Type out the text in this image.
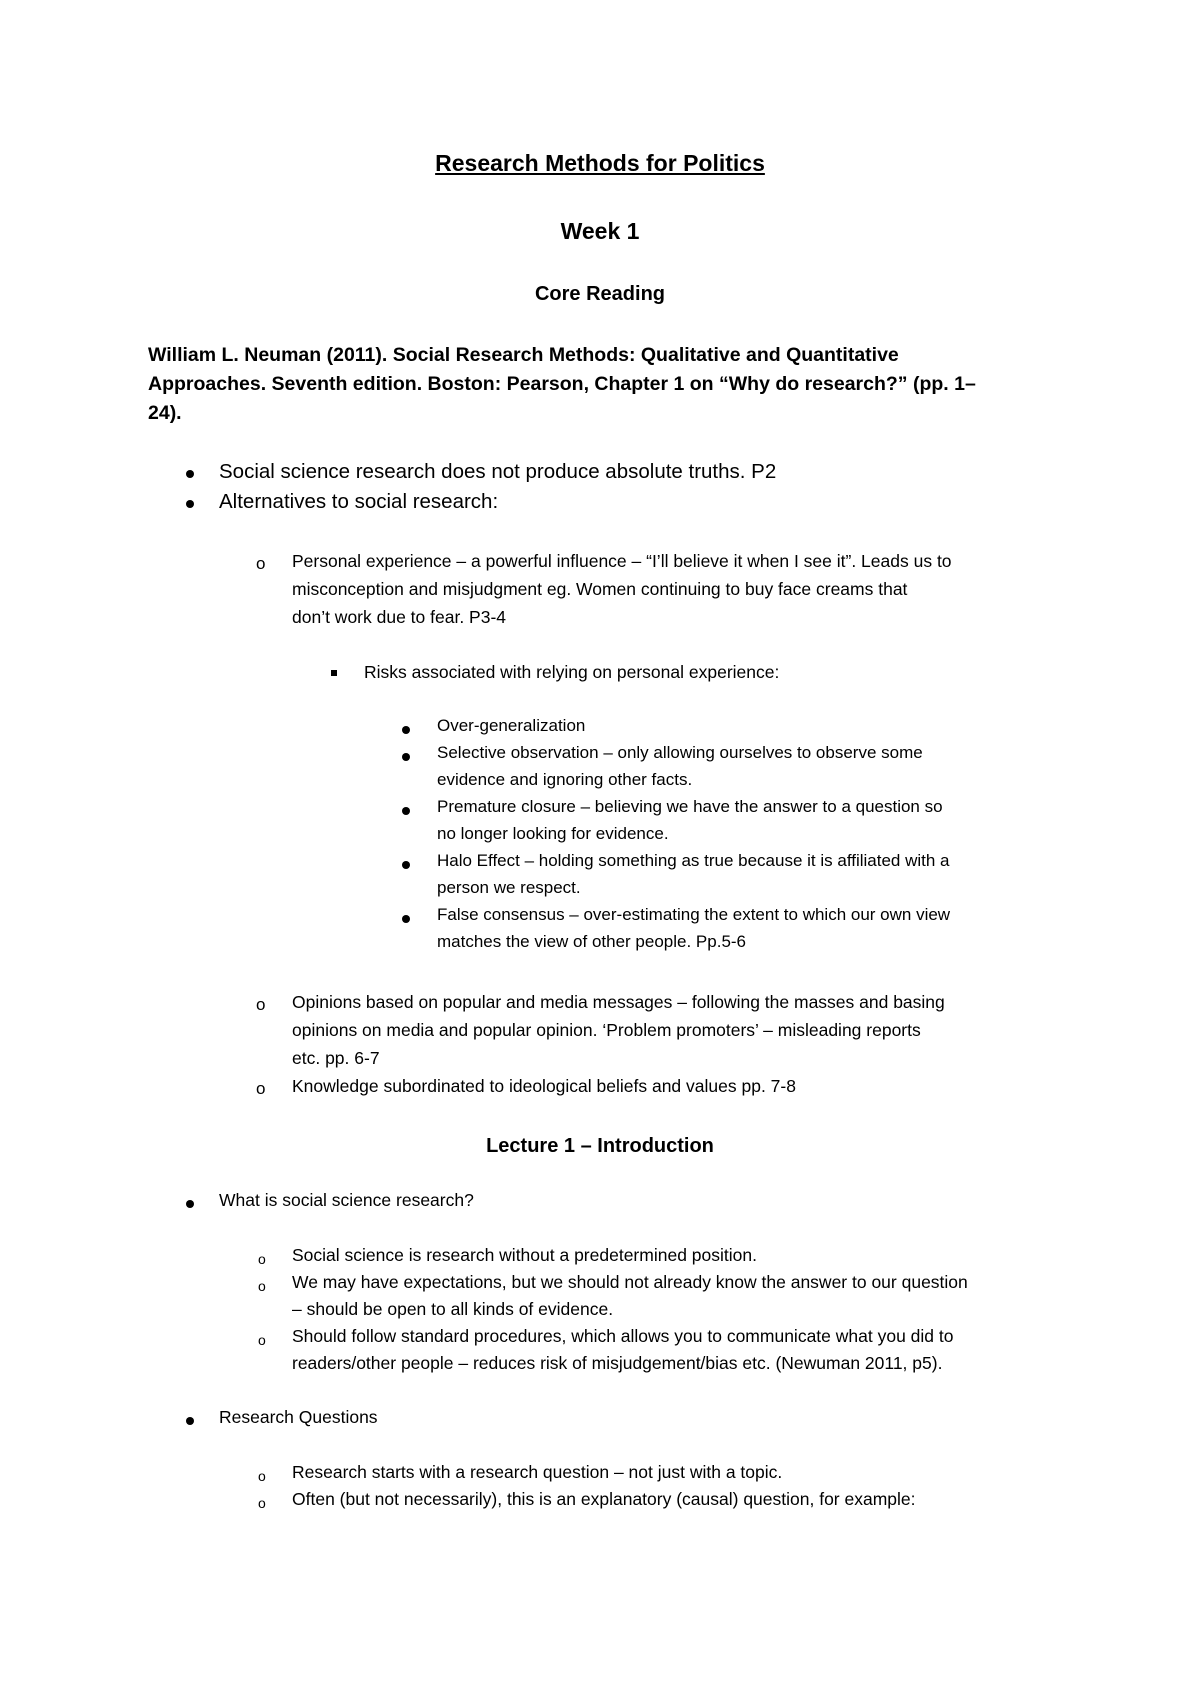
Research Methods for Politics

Week 1

Core Reading

William L. Neuman (2011). Social Research Methods: Qualitative and Quantitative

Approaches. Seventh edition. Boston: Pearson, Chapter 1 on “Why do research?” (pp. 1–

24).

Social science research does not produce absolute truths. P2

Alternatives to social research:

o Personal experience – a powerful influence – “I’ll believe it when I see it”. Leads us to

misconception and misjudgment eg. Women continuing to buy face creams that

don’t work due to fear. P3-4

Risks associated with relying on personal experience:

Over-generalization

Selective observation – only allowing ourselves to observe some

evidence and ignoring other facts.

Premature closure – believing we have the answer to a question so

no longer looking for evidence.

Halo Effect – holding something as true because it is affiliated with a

person we respect.

False consensus – over-estimating the extent to which our own view

matches the view of other people. Pp.5-6

o Opinions based on popular and media messages – following the masses and basing

opinions on media and popular opinion. ‘Problem promoters’ – misleading reports

etc. pp. 6-7

o Knowledge subordinated to ideological beliefs and values pp. 7-8

Lecture 1 – Introduction

What is social science research?

o Social science is research without a predetermined position.

o We may have expectations, but we should not already know the answer to our question

– should be open to all kinds of evidence.

o Should follow standard procedures, which allows you to communicate what you did to

readers/other people – reduces risk of misjudgement/bias etc. (Newuman 2011, p5).

Research Questions

o Research starts with a research question – not just with a topic.

o Often (but not necessarily), this is an explanatory (causal) question, for example:
